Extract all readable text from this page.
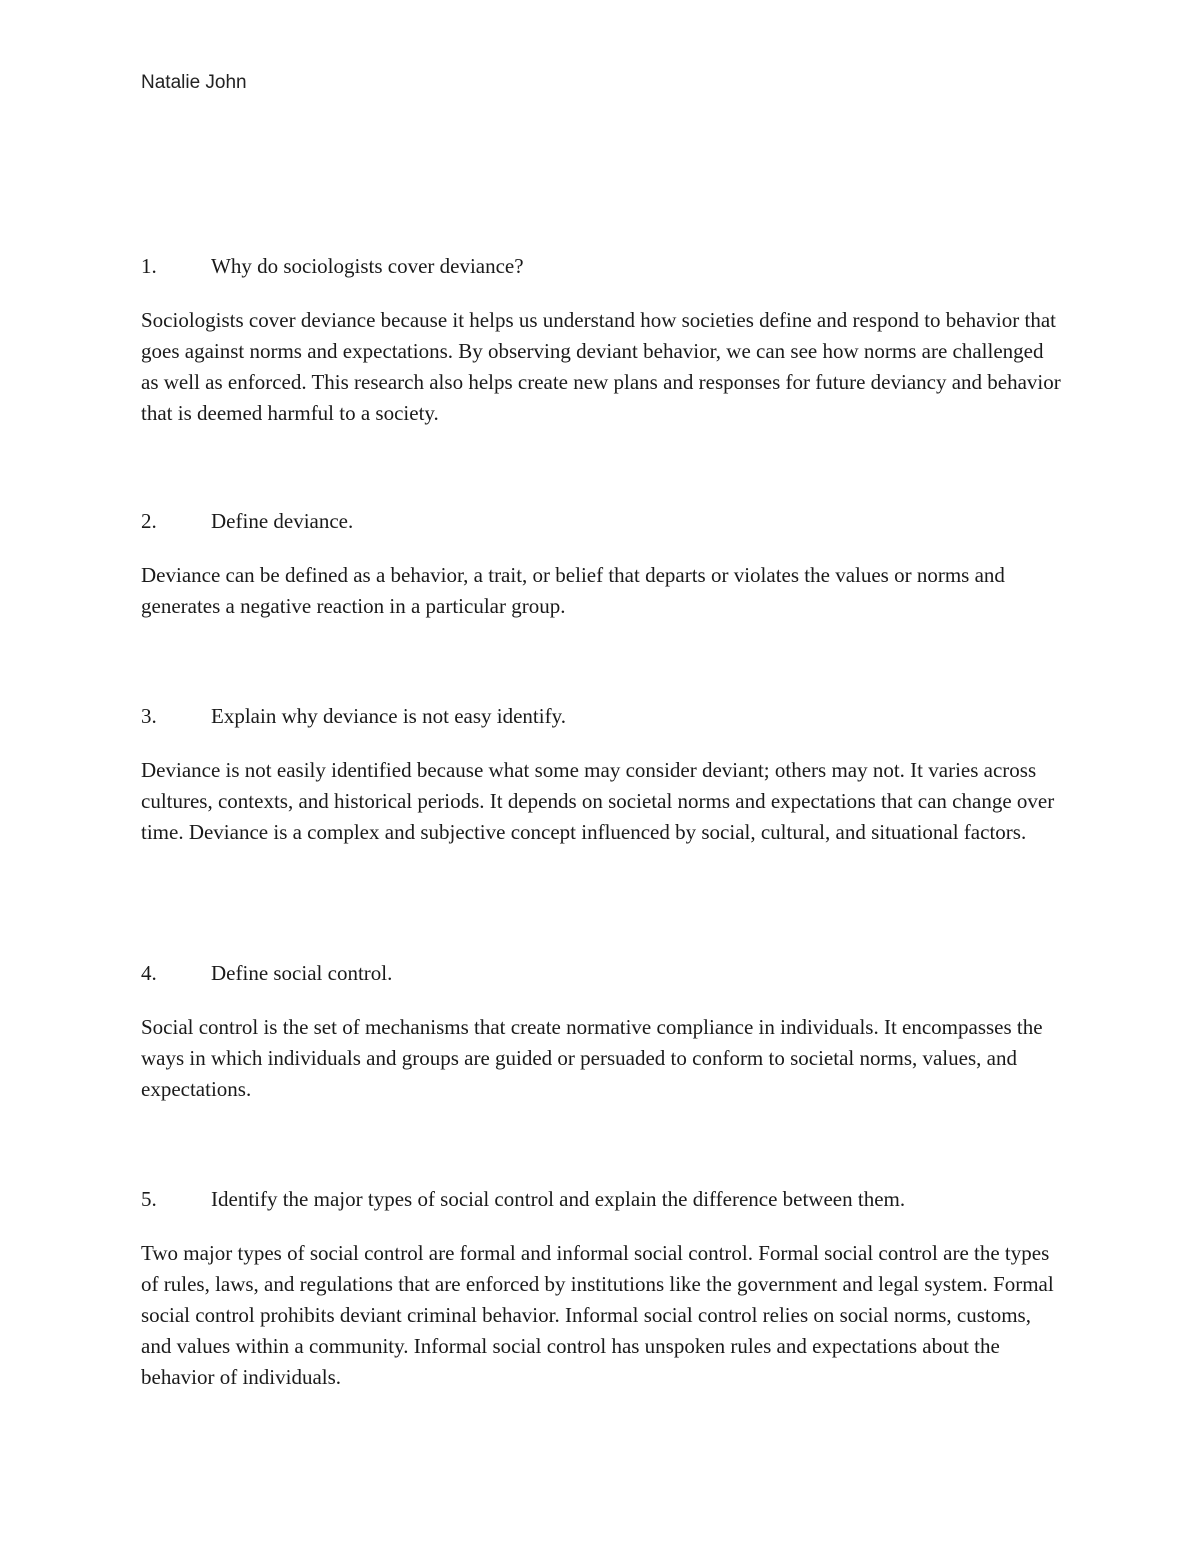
Natalie John

1.	Why do sociologists cover deviance?

Sociologists cover deviance because it helps us understand how societies define and respond to behavior that goes against norms and expectations. By observing deviant behavior, we can see how norms are challenged as well as enforced. This research also helps create new plans and responses for future deviancy and behavior that is deemed harmful to a society.

2.	Define deviance.

Deviance can be defined as a behavior, a trait, or belief that departs or violates the values or norms and generates a negative reaction in a particular group.

3.	Explain why deviance is not easy identify.

Deviance is not easily identified because what some may consider deviant; others may not. It varies across cultures, contexts, and historical periods. It depends on societal norms and expectations that can change over time. Deviance is a complex and subjective concept influenced by social, cultural, and situational factors.

4.	Define social control.

Social control is the set of mechanisms that create normative compliance in individuals. It encompasses the ways in which individuals and groups are guided or persuaded to conform to societal norms, values, and expectations.

5.	Identify the major types of social control and explain the difference between them.

Two major types of social control are formal and informal social control. Formal social control are the types of rules, laws, and regulations that are enforced by institutions like the government and legal system. Formal social control prohibits deviant criminal behavior. Informal social control relies on social norms, customs, and values within a community. Informal social control has unspoken rules and expectations about the behavior of individuals.
